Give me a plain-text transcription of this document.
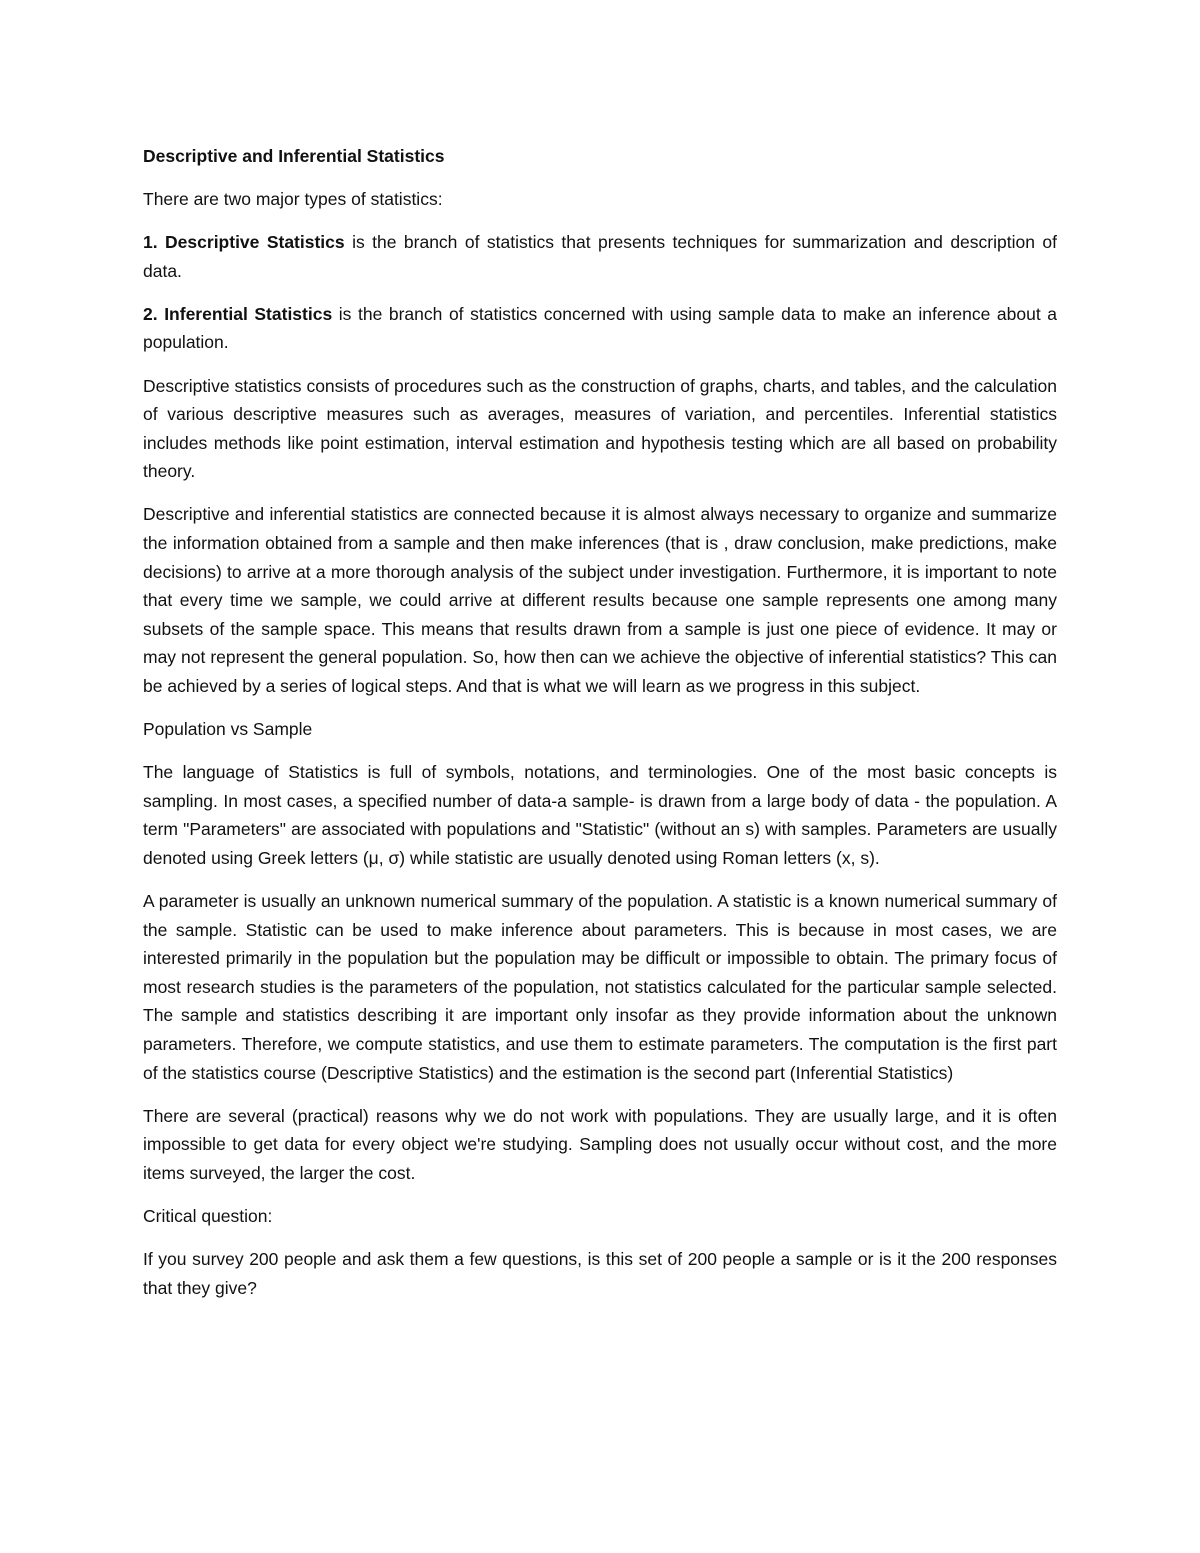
Descriptive and Inferential Statistics

There are two major types of statistics:

1. Descriptive Statistics is the branch of statistics that presents techniques for summarization and description of data.

2. Inferential Statistics is the branch of statistics concerned with using sample data to make an inference about a population.

Descriptive statistics consists of procedures such as the construction of graphs, charts, and tables, and the calculation of various descriptive measures such as averages, measures of variation, and percentiles. Inferential statistics includes methods like point estimation, interval estimation and hypothesis testing which are all based on probability theory.

Descriptive and inferential statistics are connected because it is almost always necessary to organize and summarize the information obtained from a sample and then make inferences (that is , draw conclusion, make predictions, make decisions) to arrive at a more thorough analysis of the subject under investigation. Furthermore, it is important to note that every time we sample, we could arrive at different results because one sample represents one among many subsets of the sample space. This means that results drawn from a sample is just one piece of evidence. It may or may not represent the general population. So, how then can we achieve the objective of inferential statistics? This can be achieved by a series of logical steps. And that is what we will learn as we progress in this subject.

Population vs Sample

The language of Statistics is full of symbols, notations, and terminologies. One of the most basic concepts is sampling. In most cases, a specified number of data-a sample- is drawn from a large body of data - the population. A term "Parameters" are associated with populations and "Statistic" (without an s) with samples. Parameters are usually denoted using Greek letters (μ, σ) while statistic are usually denoted using Roman letters (x, s).

A parameter is usually an unknown numerical summary of the population. A statistic is a known numerical summary of the sample. Statistic can be used to make inference about parameters. This is because in most cases, we are interested primarily in the population but the population may be difficult or impossible to obtain. The primary focus of most research studies is the parameters of the population, not statistics calculated for the particular sample selected. The sample and statistics describing it are important only insofar as they provide information about the unknown parameters. Therefore, we compute statistics, and use them to estimate parameters. The computation is the first part of the statistics course (Descriptive Statistics) and the estimation is the second part (Inferential Statistics)

There are several (practical) reasons why we do not work with populations. They are usually large, and it is often impossible to get data for every object we're studying. Sampling does not usually occur without cost, and the more items surveyed, the larger the cost.

Critical question:

If you survey 200 people and ask them a few questions, is this set of 200 people a sample or is it the 200 responses that they give?
